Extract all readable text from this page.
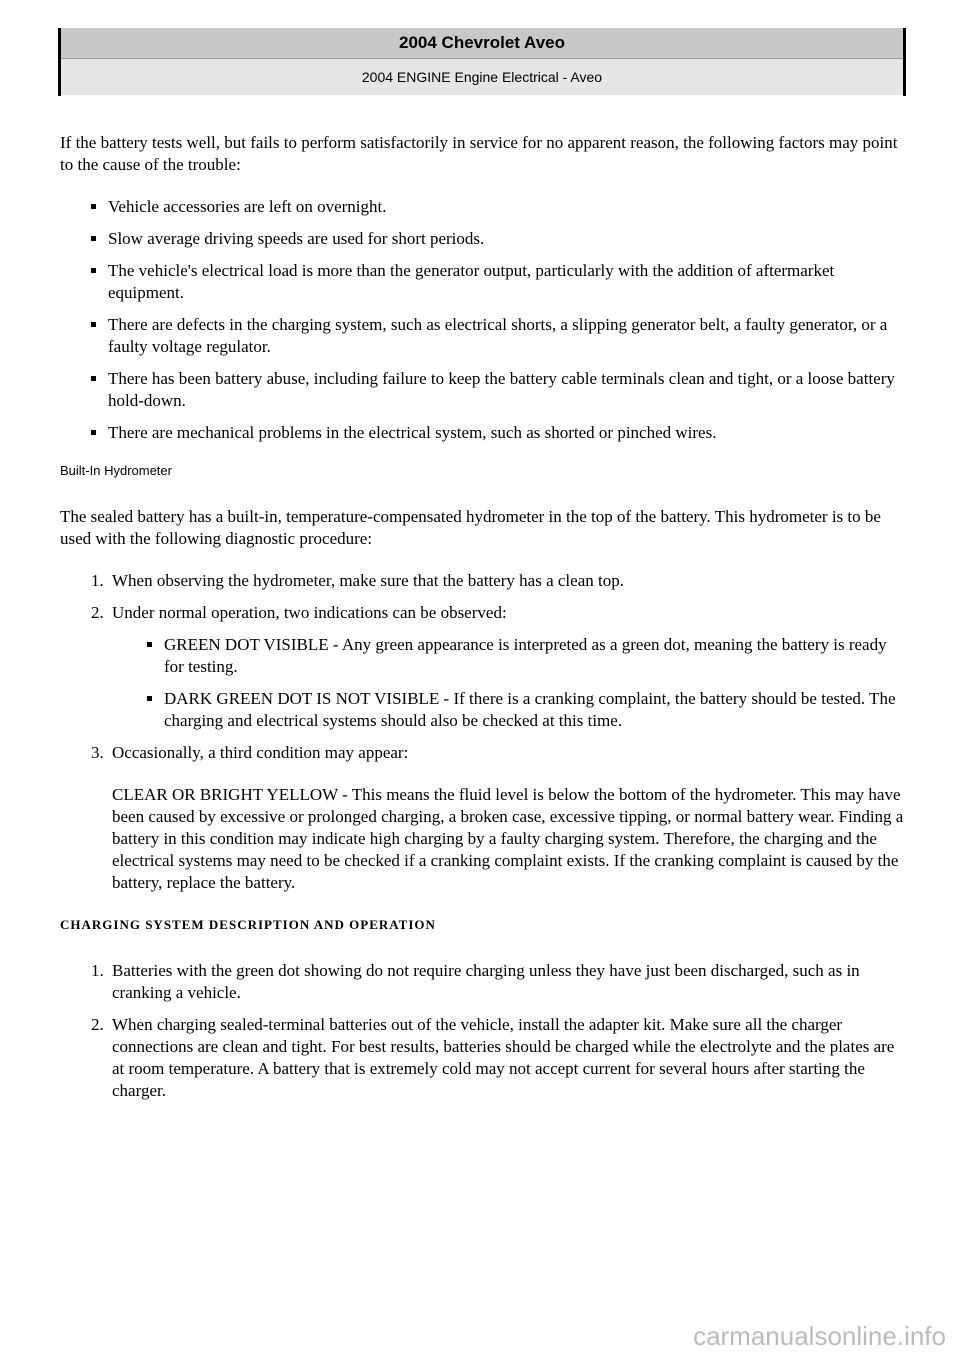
2004 Chevrolet Aveo
2004 ENGINE Engine Electrical - Aveo

If the battery tests well, but fails to perform satisfactorily in service for no apparent reason, the following factors may point to the cause of the trouble:

▪ Vehicle accessories are left on overnight.
▪ Slow average driving speeds are used for short periods.
▪ The vehicle's electrical load is more than the generator output, particularly with the addition of aftermarket equipment.
▪ There are defects in the charging system, such as electrical shorts, a slipping generator belt, a faulty generator, or a faulty voltage regulator.
▪ There has been battery abuse, including failure to keep the battery cable terminals clean and tight, or a loose battery hold-down.
▪ There are mechanical problems in the electrical system, such as shorted or pinched wires.
Built-In Hydrometer

The sealed battery has a built-in, temperature-compensated hydrometer in the top of the battery. This hydrometer is to be used with the following diagnostic procedure:

1. When observing the hydrometer, make sure that the battery has a clean top.
2. Under normal operation, two indications can be observed:
▪ GREEN DOT VISIBLE - Any green appearance is interpreted as a green dot, meaning the battery is ready for testing.
▪ DARK GREEN DOT IS NOT VISIBLE - If there is a cranking complaint, the battery should be tested. The charging and electrical systems should also be checked at this time.
3. Occasionally, a third condition may appear:

CLEAR OR BRIGHT YELLOW - This means the fluid level is below the bottom of the hydrometer. This may have been caused by excessive or prolonged charging, a broken case, excessive tipping, or normal battery wear. Finding a battery in this condition may indicate high charging by a faulty charging system. Therefore, the charging and the electrical systems may need to be checked if a cranking complaint exists. If the cranking complaint is caused by the battery, replace the battery.

CHARGING SYSTEM DESCRIPTION AND OPERATION
1. Batteries with the green dot showing do not require charging unless they have just been discharged, such as in cranking a vehicle.
2. When charging sealed-terminal batteries out of the vehicle, install the adapter kit. Make sure all the charger connections are clean and tight. For best results, batteries should be charged while the electrolyte and the plates are at room temperature. A battery that is extremely cold may not accept current for several hours after starting the charger.
carmanualsonline.info
